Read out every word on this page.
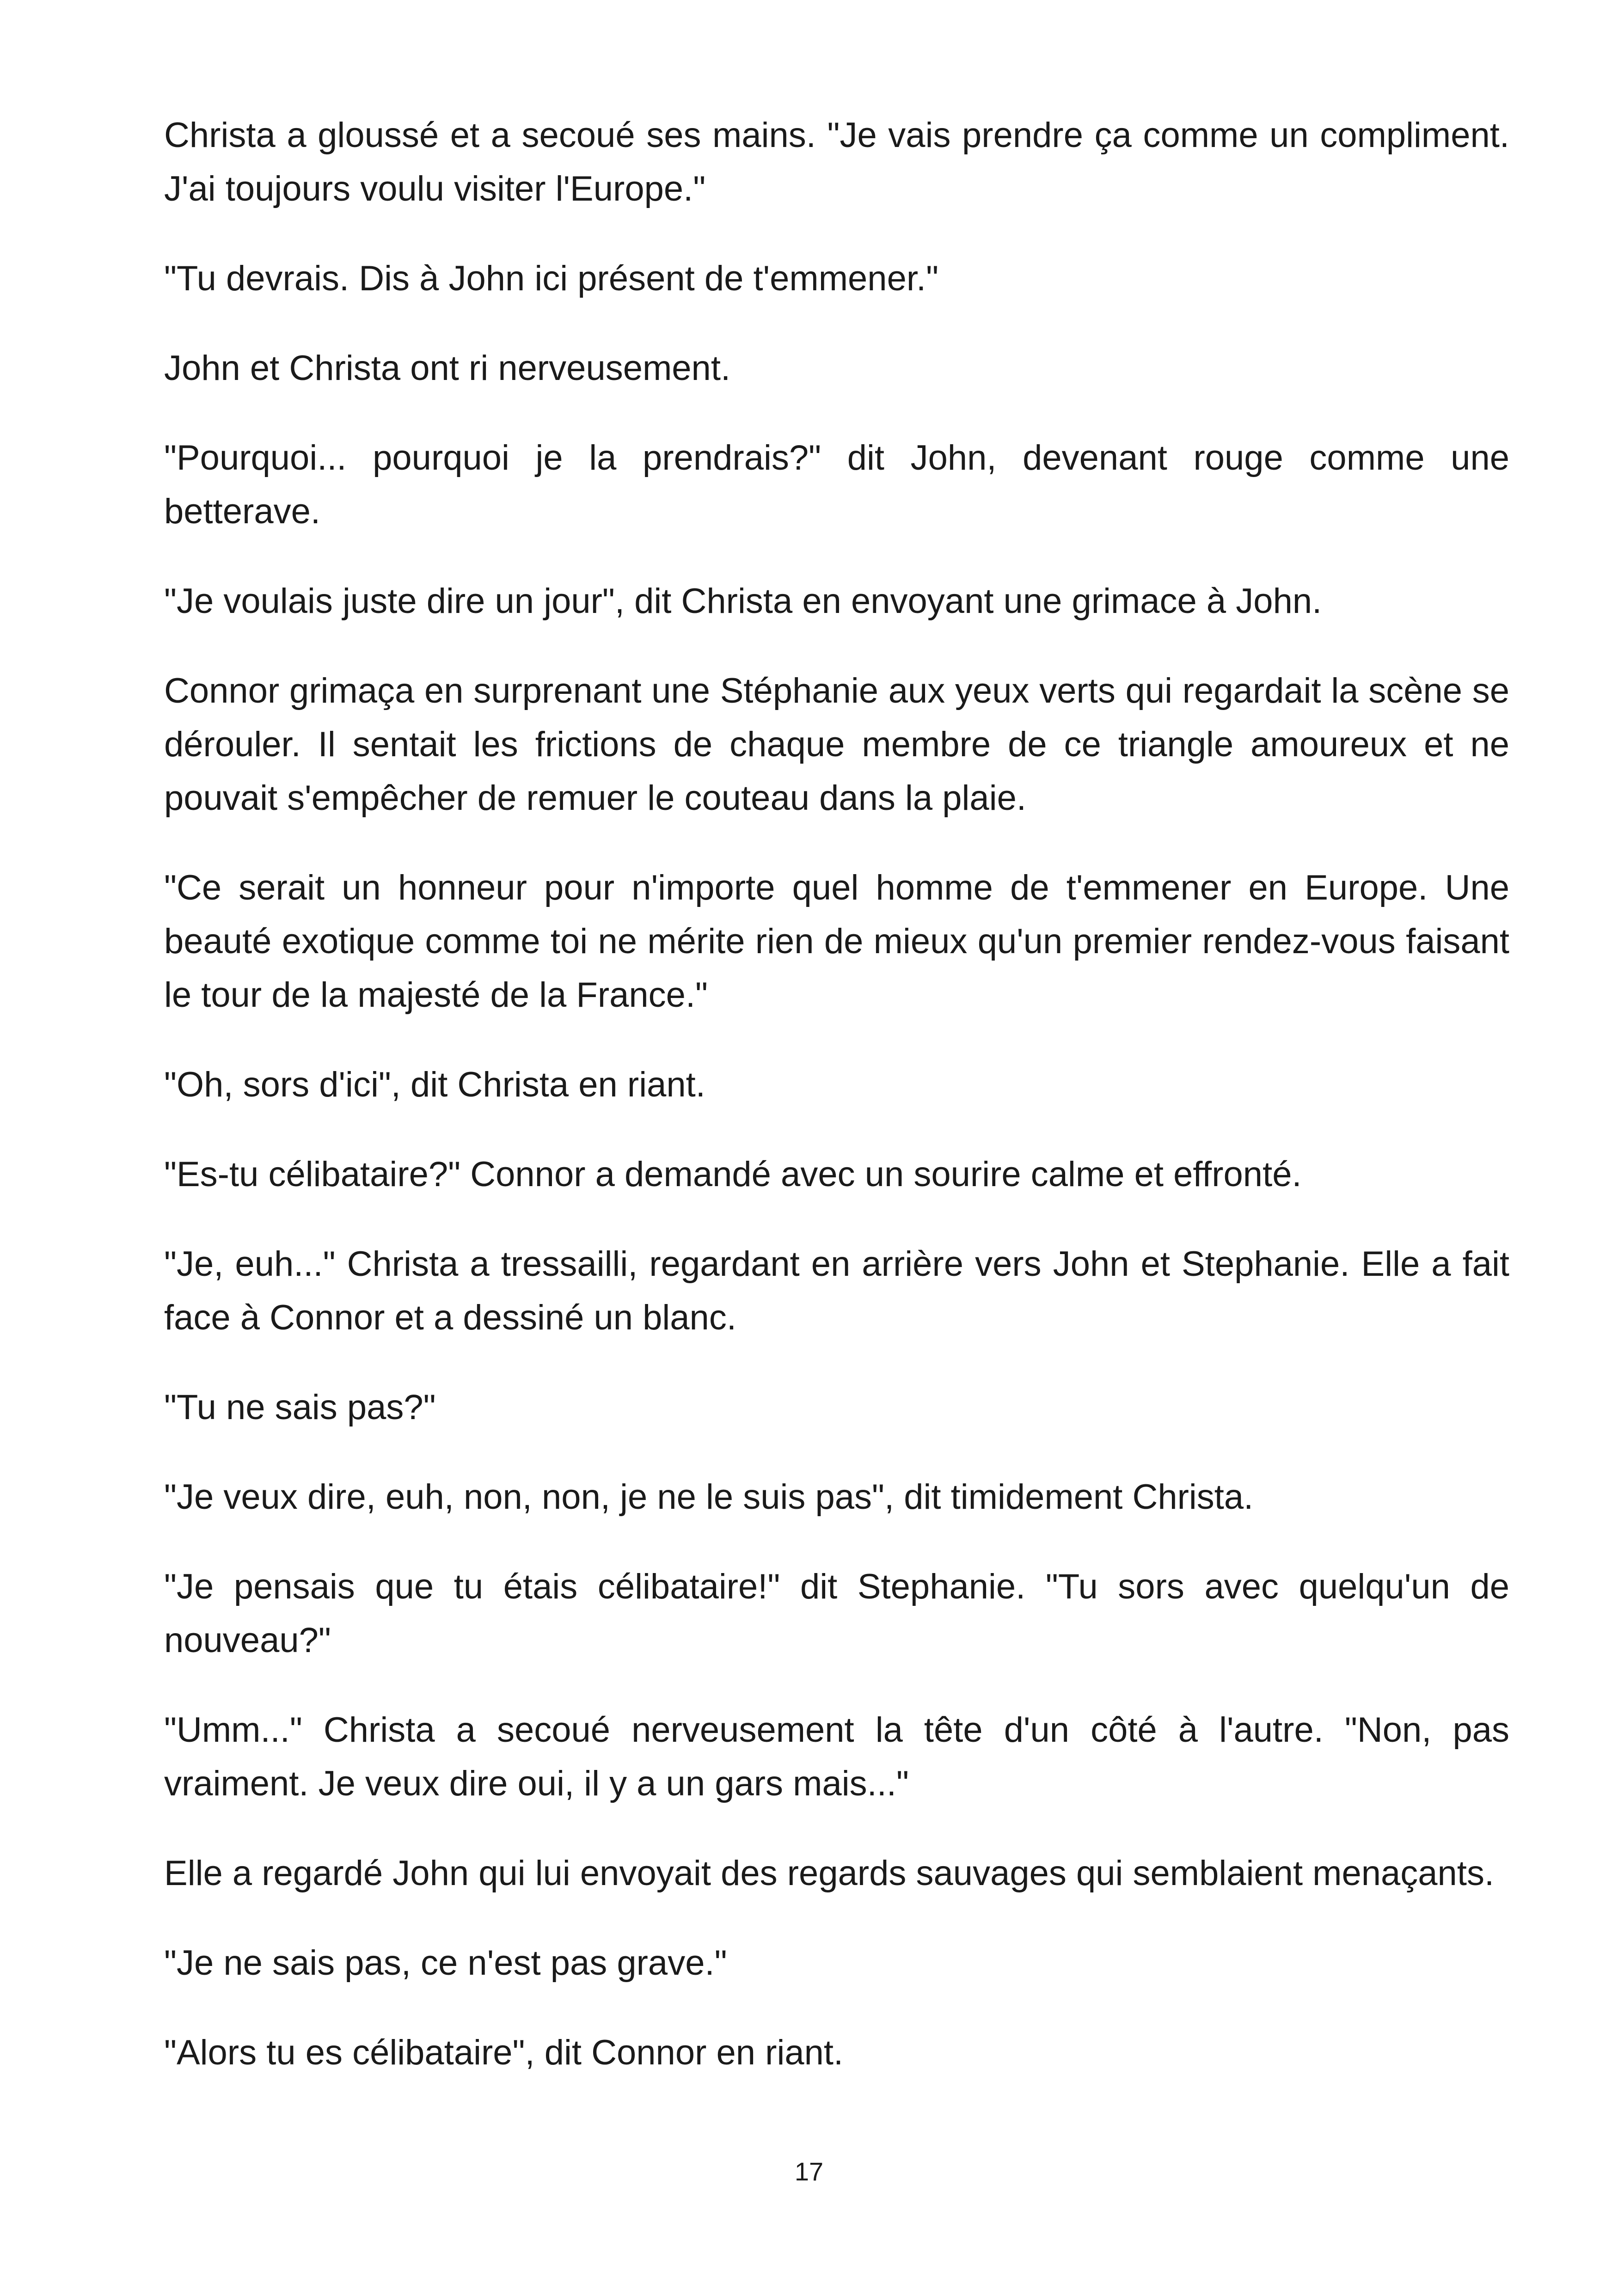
Christa a gloussé et a secoué ses mains. "Je vais prendre ça comme un compliment. J'ai toujours voulu visiter l'Europe."

"Tu devrais. Dis à John ici présent de t'emmener."

John et Christa ont ri nerveusement.

"Pourquoi... pourquoi je la prendrais?" dit John, devenant rouge comme une betterave.

"Je voulais juste dire un jour", dit Christa en envoyant une grimace à John.

Connor grimaça en surprenant une Stéphanie aux yeux verts qui regardait la scène se dérouler. Il sentait les frictions de chaque membre de ce triangle amoureux et ne pouvait s'empêcher de remuer le couteau dans la plaie.

"Ce serait un honneur pour n'importe quel homme de t'emmener en Europe. Une beauté exotique comme toi ne mérite rien de mieux qu'un premier rendez-vous faisant le tour de la majesté de la France."

"Oh, sors d'ici", dit Christa en riant.

"Es-tu célibataire?" Connor a demandé avec un sourire calme et effronté.

"Je, euh..." Christa a tressailli, regardant en arrière vers John et Stephanie. Elle a fait face à Connor et a dessiné un blanc.

"Tu ne sais pas?"

"Je veux dire, euh, non, non, je ne le suis pas", dit timidement Christa.

"Je pensais que tu étais célibataire!" dit Stephanie. "Tu sors avec quelqu'un de nouveau?"

"Umm..." Christa a secoué nerveusement la tête d'un côté à l'autre. "Non, pas vraiment. Je veux dire oui, il y a un gars mais..."

Elle a regardé John qui lui envoyait des regards sauvages qui semblaient menaçants.

"Je ne sais pas, ce n'est pas grave."

"Alors tu es célibataire", dit Connor en riant.

17
